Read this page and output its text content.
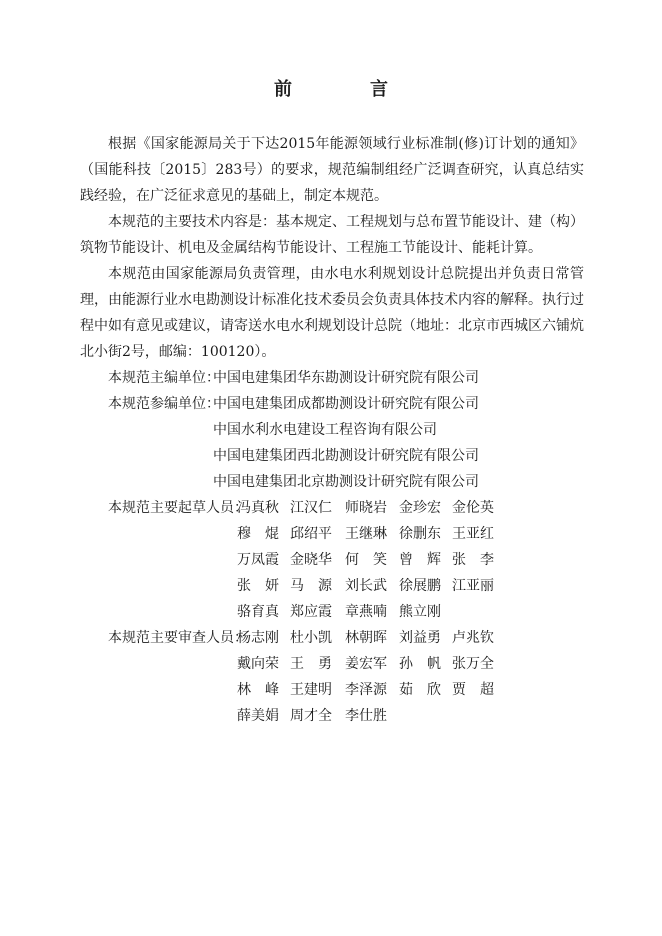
前　言

根据《国家能源局关于下达2015年能源领域行业标准制(修)订计划的通知》（国能科技〔2015〕283号）的要求，规范编制组经广泛调查研究，认真总结实践经验，在广泛征求意见的基础上，制定本规范。

本规范的主要技术内容是：基本规定、工程规划与总布置节能设计、建（构）筑物节能设计、机电及金属结构节能设计、工程施工节能设计、能耗计算。

本规范由国家能源局负责管理，由水电水利规划设计总院提出并负责日常管理，由能源行业水电勘测设计标准化技术委员会负责具体技术内容的解释。执行过程中如有意见或建议，请寄送水电水利规划设计总院（地址：北京市西城区六铺炕北小街2号，邮编：100120）。

本规范主编单位：
中国电建集团华东勘测设计研究院有限公司
本规范参编单位：
中国电建集团成都勘测设计研究院有限公司
中国水利水电建设工程咨询有限公司
中国电建集团西北勘测设计研究院有限公司
中国电建集团北京勘测设计研究院有限公司
本规范主要起草人员：
冯真秋 江汉仁 师晓岩 金珍宏 金伦英
穆　焜 邱绍平 王继琳 徐删东 王亚红
万凤霞 金晓华 何　笑 曾　辉 张　李
张　妍 马　源 刘长武 徐展鹏 江亚丽
骆育真 郑应霞 章燕喃 熊立刚
本规范主要审查人员：
杨志刚 杜小凯 林朝晖 刘益勇 卢兆钦
戴向荣 王　勇 姜宏军 孙　帆 张万全
林　峰 王建明 李泽源 茹　欣 贾　超
薛美娟 周才全 李仕胜
